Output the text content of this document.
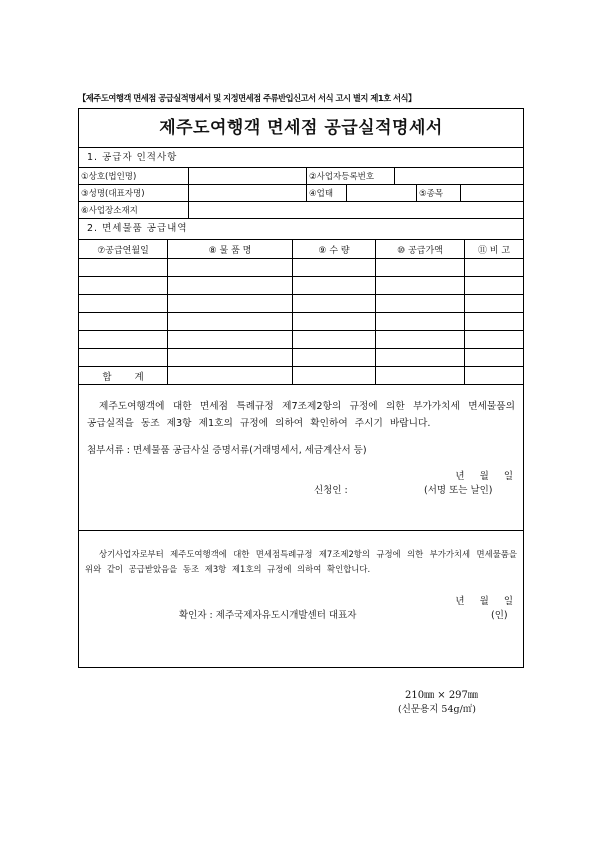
【제주도여행객 면세점 공급실적명세서 및 지정면세점 주류반입신고서 서식 고시 별지 제1호 서식】
제주도여행객 면세점 공급실적명세서
1. 공급자 인적사항
①상호(법인명)	②사업자등록번호
③성명(대표자명)	④업태	⑤종목
⑥사업장소재지
2. 면세물품 공급내역
⑦공급연월일	⑧ 물 품 명	⑨ 수 량	⑩ 공급가액	⑪ 비 고
합 계
제주도여행객에 대한 면세점 특례규정 제7조제2항의 규정에 의한 부가가치세 면세물품의 공급실적을 동조 제3항 제1호의 규정에 의하여 확인하여 주시기 바랍니다.
첨부서류 : 면세물품 공급사실 증명서류(거래명세서, 세금계산서 등)
년 월 일
신청인 :	(서명 또는 날인)
상기사업자로부터 제주도여행객에 대한 면세점특례규정 제7조제2항의 규정에 의한 부가가치세 면세물품을 위와 같이 공급받았음을 동조 제3항 제1호의 규정에 의하여 확인합니다.
년 월 일
확인자 : 제주국제자유도시개발센터 대표자	(인)
210㎜ × 297㎜
(신문용지 54g/㎡)
